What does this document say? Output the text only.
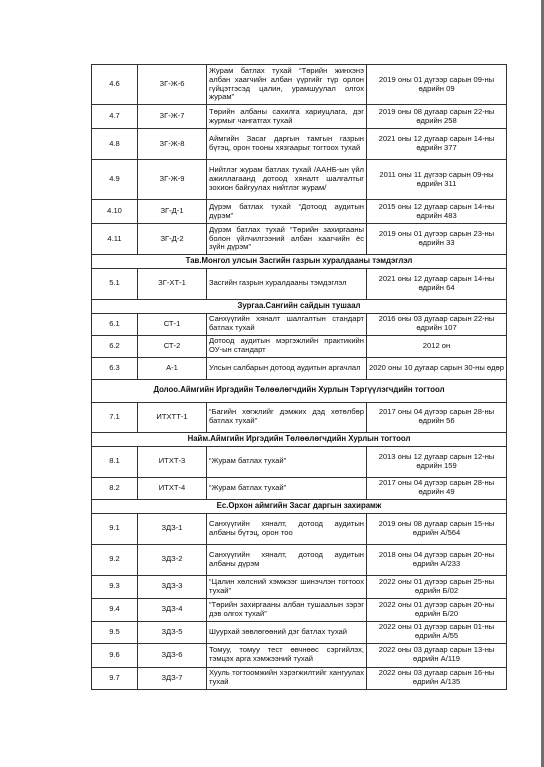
4.6	ЗГ-Ж-6	Журам батлах тухай “Төрийн жинхэнэ албан хаагчийн албан үүргийг түр орлон гүйцэтгэсэд цалин, урамшуулал олгох журам”	2019 оны 01 дүгээр сарын 09-ны өдрийн 09
4.7	ЗГ-Ж-7	Төрийн албаны сахилга хариуцлага, дэг журмыг чангатгах тухай	2019 оны 08 дугаар сарын 22-ны өдрийн 258
4.8	ЗГ-Ж-8	Аймгийн Засаг даргын тамгын газрын бүтэц, орон тооны хязгаарыг тогтоох тухай	2021 оны 12 дугаар сарын 14-ны өдрийн 377
4.9	ЗГ-Ж-9	Нийтлэг журам батлах тухай /ААНБ-ын үйл ажиллагаанд дотоод хяналт шалгалтыг зохион байгуулах нийтлэг журам/	2011 оны 11 дүгээр сарын 09-ны өдрийн 311
4.10	ЗГ-Д-1	Дүрэм батлах тухай “Дотоод аудитын дүрэм”	2015 оны 12 дугаар сарын 14-ны өдрийн 483
4.11	ЗГ-Д-2	Дүрэм батлах тухай “Төрийн захиргааны болон үйлчилгээний албан хаагчийн ёс зүйн дүрэм”	2019 оны 01 дүгээр сарын 23-ны өдрийн 33
Тав.Монгол улсын Засгийн газрын хуралдааны тэмдэглэл			
5.1	ЗГ-ХТ-1	Засгийн газрын хуралдааны тэмдэглэл	2021 оны 12 дугаар сарын 14-ны өдрийн 64
Зургаа.Сангийн сайдын тушаал			
6.1	СТ-1	Санхүүгийн хяналт шалгалтын стандарт батлах тухай	2016 оны 03 дугаар сарын 22-ны өдрийн 107
6.2	СТ-2	Дотоод аудитын мэргэжлийн практикийн ОУ-ын стандарт	2012 он
6.3	А-1	Улсын салбарын дотоод аудитын аргачлал	2020 оны 10 дугаар сарын 30-ны өдөр
Долоо.Аймгийн Иргэдийн Төлөөлөгчдийн Хурлын Тэргүүлэгчдийн тогтоол			
7.1	ИТХТТ-1	“Багийн хөгжлийг дэмжих дэд хөтөлбөр батлах тухай”	2017 оны 04 дүгээр сарын 28-ны өдрийн 56
Найм.Аймгийн Иргэдийн Төлөөлөгчдийн Хурлын тогтоол			
8.1	ИТХТ-3	“Журам батлах тухай”	2013 оны 12 дугаар сарын 12-ны өдрийн 159
8.2	ИТХТ-4	“Журам батлах тухай”	2017 оны 04 дүгээр сарын 28-ны өдрийн 49
Ес.Орхон аймгийн Засаг даргын захирамж			
9.1	ЗДЗ-1	Санхүүгийн хяналт, дотоод аудитын албаны бүтэц, орон тоо	2019 оны 08 дугаар сарын 15-ны өдрийн А/564
9.2	ЗДЗ-2	Санхүүгийн хяналт, дотоод аудитын албаны дүрэм	2018 оны 04 дүгээр сарын 20-ны өдрийн А/233
9.3	ЗДЗ-3	“Цалин хөлсний хэмжээг шинэчлэн тогтоох тухай”	2022 оны 01 дүгээр сарын 25-ны өдрийн Б/02
9.4	ЗДЗ-4	“Төрийн захиргааны албан тушаалын зэрэг дэв олгох тухай”	2022 оны 01 дүгээр сарын 20-ны өдрийн Б/20
9.5	ЗДЗ-5	Шуурхай зөвлөгөөний дэг батлах тухай	2022 оны 01 дүгээр сарын 01-ны өдрийн А/55
9.6	ЗДЗ-6	Томуу, томуу тест өвчнөөс сэргийлэх, тэмцэх арга хэмжээний тухай	2022 оны 03 дугаар сарын 13-ны өдрийн А/119
9.7	ЗДЗ-7	Хууль тогтоомжийн хэрэгжилтийг хангуулах тухай	2022 оны 03 дугаар сарын 16-ны өдрийн А/135
